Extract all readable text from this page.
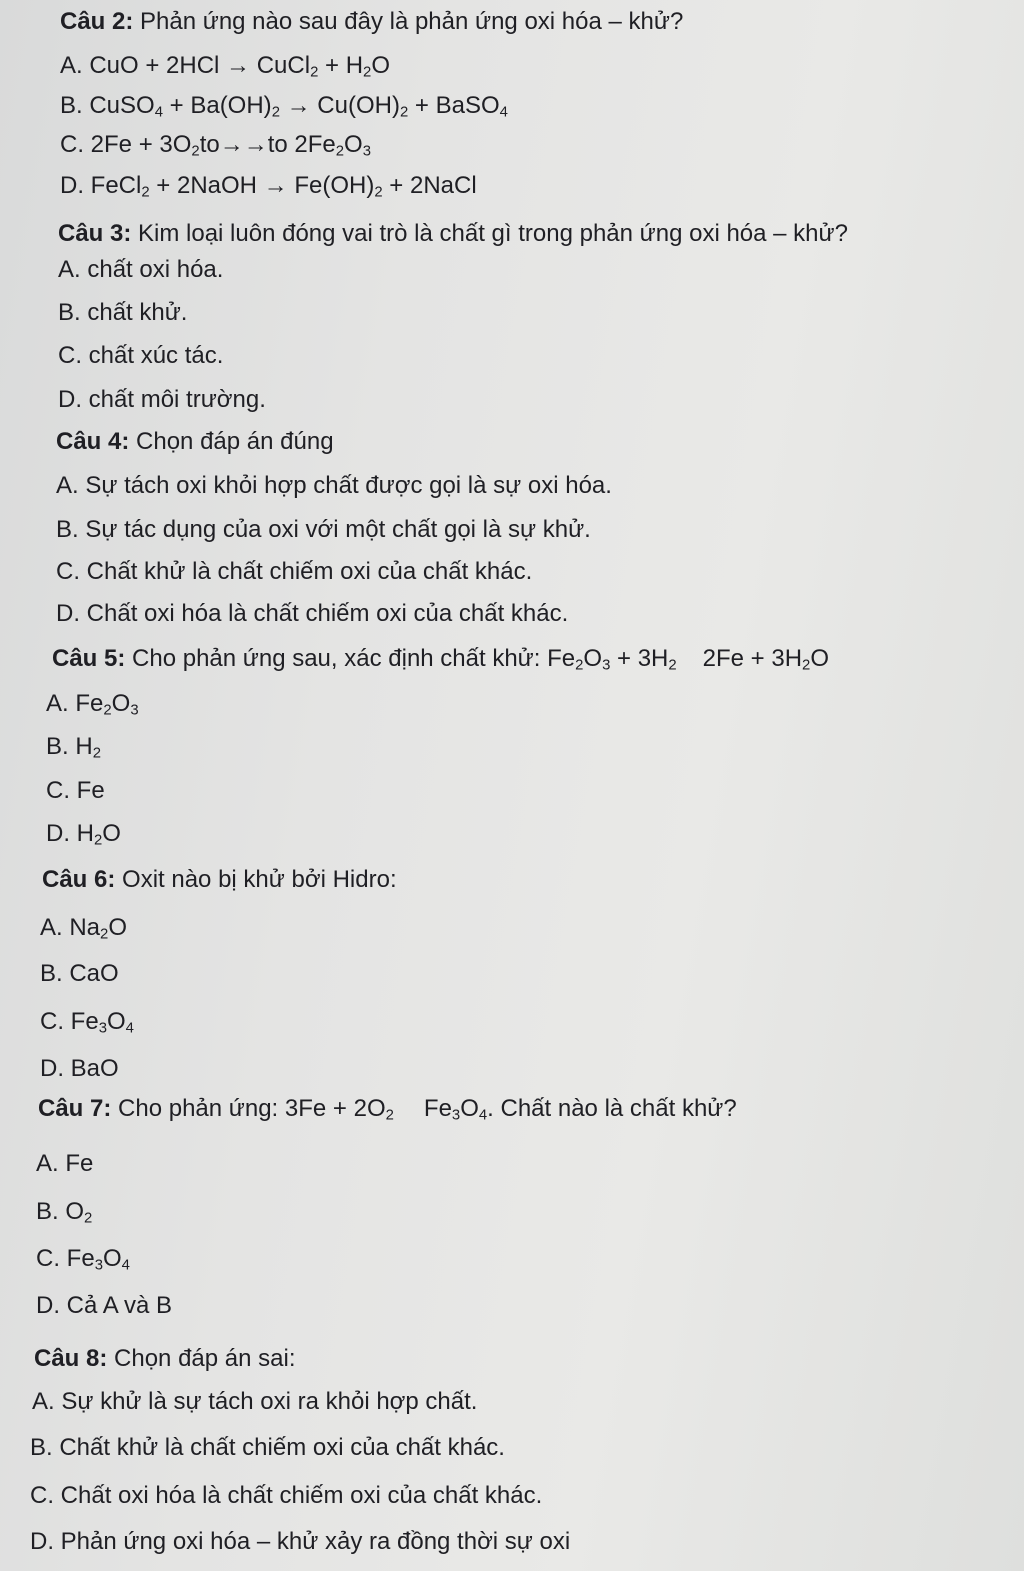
Câu 2: Phản ứng nào sau đây là phản ứng oxi hóa – khử?
A. CuO + 2HCl → CuCl$_2$ + $H_2O$
B. CuSO$_4$ + $Ba(OH)_2 \to Cu(OH)_2$ + BaSO$_4$
C. $2Fe + 3O_2to\to\to to$ $2Fe_2O_3$
D. FeCl$_2$ + 2NaOH → $Fe(OH)_2$ + 2NaCl
Câu 3: Kim loại luôn đóng vai trò là chất gì trong phản ứng oxi hóa – khử?
A. chất oxi hóa.
B. chất khử.
C. chất xúc tác.
D. chất môi trường.
Câu 4: Chọn đáp án đúng
A. Sự tách oxi khỏi hợp chất được gọi là sự oxi hóa.
B. Sự tác dụng của oxi với một chất gọi là sự khử.
C. Chất khử là chất chiếm oxi của chất khác.
D. Chất oxi hóa là chất chiếm oxi của chất khác.
Câu 5: Cho phản ứng sau, xác định chất khử: $Fe_2O_3 + 3H_2$ $2Fe + 3H_2O$
A. $Fe_2O_3$
B. $H_2$
C. Fe
D. $H_2O$
Câu 6: Oxit nào bị khử bởi Hidro:
A. $Na_2O$
B. CaO
C. $Fe_3O_4$
D. BaO
Câu 7: Cho phản ứng: $3Fe + 2O_2$ $Fe_3O_4$. Chất nào là chất khử?
A. Fe
B. $O_2$
C. $Fe_3O_4$
D. Cả A và B
Câu 8: Chọn đáp án sai:
A. Sự khử là sự tách oxi ra khỏi hợp chất.
B. Chất khử là chất chiếm oxi của chất khác.
C. Chất oxi hóa là chất chiếm oxi của chất khác.
D. Phản ứng oxi hóa – khử xảy ra đồng thời sự oxi
